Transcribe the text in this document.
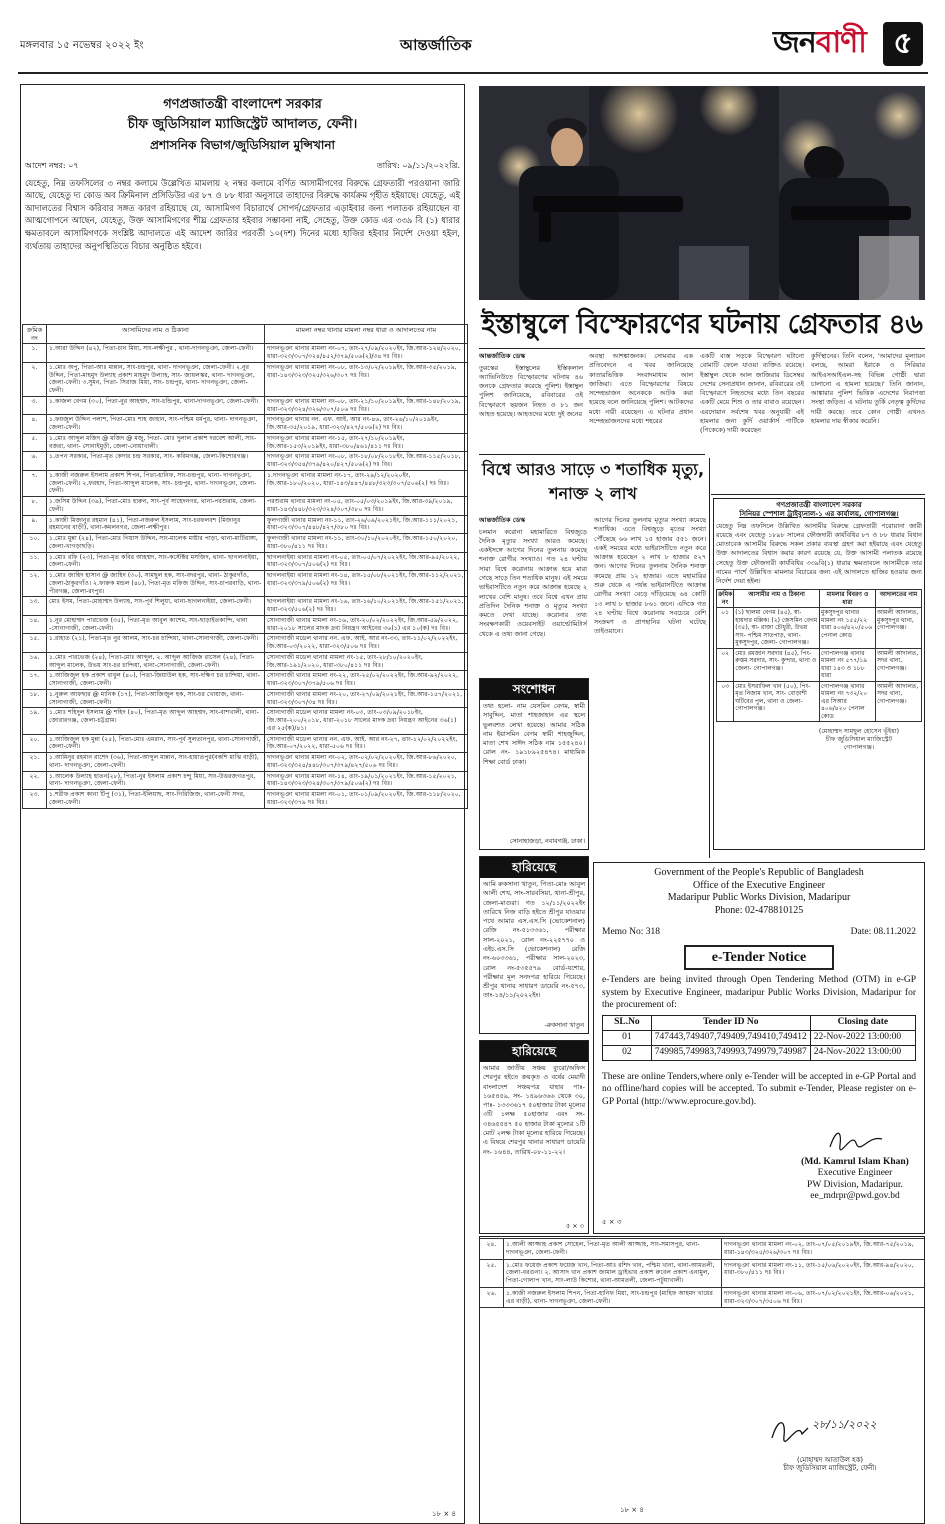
মঙ্গলবার ১৫ নভেম্বর ২০২২ ইং	আন্তর্জাতিক	জনবাণী ৫
গণপ্রজাতন্ত্রী বাংলাদেশ সরকার
চীফ জুডিসিয়াল ম্যাজিস্ট্রেট আদালত, ফেনী।
প্রশাসনিক বিভাগ/জুডিসিয়াল মুন্সিখানা
আদেশ নম্বর: ০৭	তারিখ: ০৯/১১/২০২২খ্রি.
যেহেতু, নিম্ন তফসিলের ৩ নম্বর কলামে উল্লেখিত মামলায় ২ নম্বর কলামে বর্ণিত আসামীগণের বিরুদ্ধে গ্রেফতারী পরওয়ানা জারি আছে, যেহেতু দ্য কোড অব ক্রিমিনাল প্রসিডিউর এর ৮৭ ও ৮৮ ধারা অনুসারে তাহাদের বিরুদ্ধে কার্যক্রম গৃহীত হইয়াছে। যেহেতু, এই আদালতের বিশ্বাস করিবার সঙ্গত কারণ রহিয়াছে যে, আসামিগণ বিচারার্থে সোপর্দ/গ্রেফতার এড়াইবার জন্য পলাতক রহিয়াছেন বা আত্মগোপনে আছেন, যেহেতু, উক্ত আসামিগণের শীঘ্র গ্রেফতার হইবার সম্ভাবনা নাই, সেহেতু, উক্ত কোড এর ৩৩৯ বি (১) ধারার ক্ষমতাবলে আসামিগণকে সংশ্লিষ্ট আদালতে এই আদেশ জারির পরবর্তী ১০(দশ) দিনের মধ্যে হাজির হইবার নির্দেশ দেওয়া হইল, ব্যর্থতায় তাহাদের অনুপস্থিতিতে বিচার অনুষ্ঠিত হইবে।
১৮ × ৪
ক্রমিক নং	আসামিদের নাম ও ঠিকানা	মামলা নম্বর থানার মামলা নম্বর ধারা ও আদালতের নাম
১.	১.আরা উদ্দিন (৪২), পিতা-চান মিয়া, সাং-লক্ষীপুর , থানা-দাগনভূঞা, জেলা-ফেনী।	দাগনভূঞা থানার মামলা নং-০৭, তাং-২৭/০৯/২০২০ইং, জি.আর-১২৪/২০২০, ধারা-৩২৩/৩০৭/৩২৪/৪৫২/৩৭৯/৫০৬(২)/৩৪ দঃ বিঃ।
২.	১.মোঃ অপু, পিতা-আঃ মান্নান, সাং-চন্দ্রপুর, থানা- দাগনভূঞা, জেলা-ফেনী। ২.নুর উদ্দিন, পিতা-মাহমুদ উল্যাহ প্রকাশ মাহমুদ উল্যাহ, সাং- জায়লস্কর, থানা- দাগনভূঞা, জেলা-ফেনী। ৩.সুমন, পিতা- সিরাজ মিয়া, সাং- চন্দ্রপুর, থানা- দাগনভূঞা, জেলা-ফেনী।	দাগনভূঞা থানার মামলা নং-০৮, তাং-১৩/০২/২০১৯ইং, জি.আর-৩৫/২০১৯, ধারা-১৪৩/৩২৩/৩২৫/৩২৬/৩০৭ দঃ বিঃ।
৩.	১.কাজল বেগম (৩০), পিতা-নুর আহম্মদ, সাং-চন্ডিপুর, থানা-দাগনভূঞা, জেলা-ফেনী।	দাগনভূঞা থানার মামলা নং-০৮, তাং-২১/১০/২০১৯ইং, জি.আর-১৪৮/২০১৯, ধারা-৩২৩/৩২৪/৩২৬/৩০৭/৫০৬ দঃ বিঃ।
৪.	১.ফয়জুল উদ্দিন পলাশ, পিতা-মোঃ শাহ জাহান, সাং-পশ্চিম ধর্মপুর, থানা- দাগনভূঞা, জেলা-ফেনী।	দাগনভূঞা থানার নন. এফ. আই. আর নং-৪৬, তাং-২৬/১০/২০১৯ইং, জি.আর-৩৫/২০১৯, ধারা-৩২৩/৪২৭/৫০৬(২) দঃ বিঃ।
৫.	১.মোঃ আব্দুল মজিদ @ মজিদ @ মজু, পিতা- মোঃ দুলাল প্রকাশ দরবেশ আলী, সাং- বজরা, থানা- সোনাইমুড়ী, জেলা-নোয়াখালী।	দাগনভূঞা থানার মামলা নং-১৫, তাং-২৭/১০/২০১৯ইং, জি.আর-১৫৩/২০১৯ইং, ধারা-৩৮০/৪৬১/৪১১ দঃ বিঃ।
৬.	১.তপন সরকার, পিতা-মৃত কেদার চন্দ্র সরকার, সাং- করিমগঞ্জ, জেলা-কিশোরগঞ্জ।	দাগনভূঞা থানার মামলা নং-০৮, তাং-১৮/০৮/২০১৮ইং, জি.আর-১১৫/২০১৮, ধারা-৩২৩/৩৫৪/৩৭৯/৪২০/৪২৭/৫০৬(২) দঃ বিঃ।
৭.	১.কাজী নজরুল ইসলাম প্রকাশ শিপন, পিতা-হানিফ, সাং-চন্দ্রপুর, থানা- দাগনভূঞা, জেলা-ফেনী। ২.ফরহাদ, পিতা-আব্দুল মালেক, সাং- চন্দ্রপুর, থানা- দাগনভূঞা, জেলা-ফেনী।	১.দাগনভূঞা থানার মামলা নং-১৭, তাং-২৯/১২/২০২০ইং, জি.আর-১৮০/২০২০, ধারা-১৪৩/৪৪৭/৪৪৮/৩২৩/৩০৭/৫০৬(২) দঃ বিঃ।
৮.	১.জসিম উদ্দিন (৩৯), পিতা-মোঃ হারুন, সাং-পূর্ব সাহেদনগর, থানা-পরশুরাম, জেলা-ফেনী।	পরশুরাম থানার মামলা নং-০৫, তাং-০৫/০৩/২০১৯ইং, জি.আর-৩৯/২০১৯, ধারা-১৪৩/৪৪৮/৩২৩/৩২৪/৩০৭/৩৮০ দঃ বিঃ।
৯.	১.কাজী মিজানুর রহমান (৪১), পিতা-নজরুল ইসলাম, সাং-চরফলবশ (মিজানুর রহমানের বাড়ী), থানা-কমলনগর, জেলা-লক্ষীপুর।	ফুলগাজী থানার মামলা নং-১১, তাং-২৬/০৯/২০২১ইং, জি.আর-১১১/২০২১, ধারা-৩২৩/৩০৭/৪৪৮/৪২৭/৩৮০ দঃ বিঃ।
১০.	১.মোঃ মুন্না (২৪), পিতা-মোঃ গিয়াস উদ্দিন, সাং-মালেক মাষ্টার পাড়া, থানা-মাটিরাঙ্গা, জেলা-খাগড়াছড়ি।	ফুলগাজী থানার মামলা নং-১১, তাং-৩০/১০/২০২০ইং, জি.আর-১৫০/২০২০, ধারা-৩৮০/৪১১ দঃ বিঃ।
১১.	১.মোঃ রফি (২৩), পিতা-মৃত কবির আহম্মদ, সাং-কস্টেক্টর মসজিদ, থানা- ছাগলনাইয়া, জেলা-ফেনী।	ছাগলনাইয়া থানার মামলা নং-০৫, তাং-০৫/০৭/২০২২ইং, জি.আর-৯৫/২০২২, ধারা-৩২৩/৩০৭/৫০৬(২) দঃ বিঃ।
১২.	১.মোঃ জাহিদ হাসান @ জাহিদ (৩০), সামছুল হক, সাং-বদরপুর, থানা- ঠাকুরগাঁও, জেলা-ঠাকুরগাঁও। ২.ফারুক মন্ডল (৪৮), পিতা-মৃত মফিজ উদ্দিন, সাং-চাপরবাড়ি, থানা-পীরগঞ্জ, জেলা-রংপুর।	ছাগলনাইয়া থানার মামলা নং-১৪, তাং-১৫/০৮/২০২১ইং, জি.আর-১১২/২০২১, ধারা-৩২৩/৩৭৯/৫০৬(২) দঃ বিঃ।
১৩.	মোঃ ইসম, পিতা-মোহাম্মদ উল্যাহ, সাং-পূর্ব শিলুয়া, থানা-ছাগলনাইয়া, জেলা-ফেনী।	ছাগলনাইয়া থানার মামলা নং-১৬, তাং-১৬/১০/২০২১ইং, জি.আর-১৫১/২০২১, ধারা-৩২৩/৫০৬(২) দঃ বিঃ।
১৪.	১.নুর মোহাম্মদ পারভেজ (৩৫), পিতা-মৃত আবুল কাশেম, সাং-ছাড়াইতকান্দি, থানা -সোনাগাজী, জেলা-ফেনী।	সোনাগাজী থানার মামলা নং-১৬, তাং-২০/০২/২০২২ইং, জি.আর-৫৯/২০২২, ধারা-২০১৮ সালের মাদক দ্রব্য নিয়ন্ত্রণ আইনের ৩৬(১) এর ১০(ক) দঃ বিঃ।
১৫.	১.রাহাত (২১), পিতা-মৃত নুর আলম, সাং-চর চান্দিয়া, থানা-সোনাগাজী, জেলা-ফেনী।	সোনাগাজী মডেল থানার নন. এফ. আই. আর নং-৩৩, তাং-১১/০২/২০২২ইং, জি.আর-০৩/২০২২, ধারা-৩২৩/৫০৬ দঃ বিঃ।
১৬.	১.মোঃ পারভেজ (২৪), পিতা-মোঃ আব্দুল, ২. আব্দুল আজিজ রাসেল (২৪), পিতা-আব্দুল মালেক, উভয় সাং-চর চান্দিয়া, থানা-সোনাগাজী, জেলা-ফেনী।	সোনাগাজী মডেল থানার মামলা নং-১৫, তাং-২৮/১০/২০২০ইং, জি.আর-১৯১/২০২০, ধারা-৩৮০/৪১১ দঃ বিঃ।
১৭.	১.আজিজুল হক প্রকাশ বাবুল (৪০), পিতা-জিয়াউল হক, সাং-দক্ষিণ চর চান্দিয়া, থানা-সোনাগাজী, জেলা-ফেনী।	সোনাগাজী থানার মামলা নং-২২, তাং-২৫/০২/২০২২ইং, জি.আর-৯২/২০২২, ধারা-৩২৩/৩০৭/৩৭৯/৫০৬ দঃ বিঃ।
১৮.	১.নুরুল আফছার @ মানিক (১৭), পিতা-আজিজুল হক, সাং-চর খোয়াজ, থানা-সোনাগাজী, জেলা-ফেনী।	সোনাগাজী থানার মামলা নং-২০, তাং-২৭/০৯/২০২১ইং, জি.আর-১৫৭/২০২১, ধারা-৩২৩/৩০৭/৩৪ দঃ বিঃ।
১৯.	১.মোঃ শহিদুল ইসলাম @ শহিদ (৪০), পিতা-মৃত আব্দুল আহম্মদ, সাং-বাশখালী, থানা-জোরারগঞ্জ, জেলা-চট্টগ্রাম।	সোনাগাজী মডেল থানার মামলা নং-০৩, তাং-০৩/০৯/২০১৮ইং, জি.আর-২০০/২০১৮, ধারা-২০১৮ সালের মাদক দ্রব্য নিয়ন্ত্রণ আইনের ৩৬(১) এর ২৫(ক)/৪১।
২০.	১.আজিজুল হক মুন্না (২৫), পিতা-মোঃ এমরান, সাং-পূর্ব সুলতানপুর, থানা-সোনাগাজী, জেলা-ফেনী।	সোনাগাজী মডেল থানার নন. এফ. আই. আর নং-২৭, তাং-১২/০২/২০২২ইং, জি.আর-০৭/২০২২, ধারা-৫০৬ দঃ বিঃ।
২১.	১.আমিনুর রহমান রাশেদ (৩৬), পিতা-আব্দুল মান্নান, সাং-হায়াতপুর(বকশি মাঝি বাড়ী), থানা- দাগনভূঞা, জেলা-ফেনী।	দাগনভূঞা থানার মামলা নং-০২, তাং-০২/০২/২০২০ইং, জি.আর-৮৬/২০২০, ধারা-৩২৩/৩২৪/৪৪৮/৩০৭/৩৭৯/৪২৭/৫০৬ দঃ বিঃ।
২২.	১.আলেক উল্যাহ হাতন(২৮), পিতা-নুর ইসলাম প্রকাশ চন্দু মিয়া, সাং-উত্তরজগতপুর, থানা- দাগনভূঞা, জেলা-ফেনী।	দাগনভূঞা থানার মামলা নং-১৪, তাং-১৯/০১/২০২১ইং, জি.আর-১৫/২০২১, ধারা-১৪৩/৩২৩/৩২৪/৩০৭/৩৭৯/৫০৬(২) দঃ বিঃ।
২৩.	১.শরীফ প্রকাশ কানা টিপু (৩১), পিতা-ইলিয়াছ, সাং-গিরিজিজ, থানা-ফেনী সদর, জেলা-ফেনী।	দাগনভূঞা থানার মামলা নং-০১, তাং-০১/০৯/২০২০ইং, জি.আর-১১৮/২০২০, ধারা-৩২৩/৩৭৯ দঃ বিঃ।
ইস্তাম্বুলে বিস্ফোরণের ঘটনায় গ্রেফতার ৪৬
আন্তর্জাতিক ডেস্ক
তুরস্কের ইস্তাম্বুলের ইস্তিকলাল অ্যাভিনিউতে বিস্ফোরণের ঘটনায় ৪৬ জনকে গ্রেফতার করেছে পুলিশ। ইস্তাম্বুল পুলিশ জানিয়েছে, রবিবারের ওই বিস্ফোরণে ছয়জন নিহত ও ৮১ জন আহত হয়েছে। আহতদের মধ্যে দুই জনের
অবস্থা আশঙ্কাজনক। সোমবার এক প্রতিবেদনে এ খবর জানিয়েছে কাতারভিত্তিক সংবাদমাধ্যম আল জাজিরা। এতে বিস্ফোরণের বিষয়ে সন্দেহভাজন অনেককে আটক করা হয়েছে বলে জানিয়েছে পুলিশ। আটকদের মধ্যে নারী রয়েছেন। এ ঘটনার প্রধান সন্দেহভাজনদের মধ্যে শহরের
একটি ব্যস্ত সড়কে বিস্ফোরণ ঘটানো বোমাটি ফেলে যাওয়া ব্যক্তিও রয়েছে। ইস্তাম্বুল থেকে আল জাজিরার ডিসেম্বর দেশের সেনাপ্রধান জানান, রবিবারের ওই বিস্ফোরণে নিহতদের মধ্যে তিন বছরের একটি মেয়ে শিশু ও তার বাবাও রয়েছেন। এরদোয়ান সর্বশেষ খবর অনুযায়ী এই হামলার জন্য কুর্দি ওয়ার্কার্স পার্টিকে (পিকেকে) দায়ী করেছেন
কুর্দিস্থানের। তিনি বলেন, 'আমাদের মূল্যায়ন বলছে, আমরা ইরাকে ও সিরিয়ার আইএসআইএল-সহ বিভিন্ন গোষ্ঠী দ্বারা চালানো এ হামলা হয়েছে।' তিনি জানান, আঙ্কারার পুলিশ ভিত্তিক এদেশের নিরাপত্তা সংস্থা জড়িত। এ ঘটনায় তুর্কি নেতৃত্ব কুর্দিদের দায়ী করছে। তবে কোন গোষ্ঠী এখনও হামলার দায় স্বীকার করেনি।
বিশ্বে আরও সাড়ে ৩ শতাধিক মৃত্যু, শনাক্ত ২ লাখ
আন্তর্জাতিক ডেস্ক
চলমান করোনা মহামারিতে বিশ্বজুড়ে দৈনিক মৃত্যুর সংখ্যা আরও কমেছে। একইসঙ্গে আগের দিনের তুলনায় কমেছে শনাক্ত রোগীর সংখ্যাও। গত ২৪ ঘণ্টায় সারা বিশ্বে করোনায় আক্রান্ত হয়ে মারা গেছে সাড়ে তিন শতাধিক মানুষ। এই সময়ে ভাইরাসটিতে নতুন করে আক্রান্ত হয়েছে ২ লাখের বেশি মানুষ। তবে বিশ্বে এখন প্রায় প্রতিদিন দৈনিক শনাক্ত ও মৃত্যুর সংখ্যা কমতে দেখা যাচ্ছে। করোনার তথ্য সংরক্ষণকারী ওয়েবসাইট ওয়ার্ল্ডোমিটার্স থেকে এ তথ্য জানা গেছে।
আগের দিনের তুলনায় মৃত্যুর সংখ্যা কমেছে শতাধিক। এতে বিশ্বজুড়ে মৃতের সংখ্যা পৌঁছেছে ৬৬ লাখ ১৫ হাজার ৫৫১ জনে। একই সময়ের মধ্যে ভাইরাসটিতে নতুন করে আক্রান্ত হয়েছেন ২ লাখ ৮ হাজার ৫২৭ জন। আগের দিনের তুলনায় দৈনিক শনাক্ত কমেছে প্রায় ১২ হাজার। এতে মহামারির শুরু থেকে এ পর্যন্ত ভাইরাসটিতে আক্রান্ত রোগীর সংখ্যা বেড়ে দাঁড়িয়েছে ৬৪ কোটি ১৩ লাখ ৮ হাজার ৮৬১ জনে। এদিকে গত ২৪ ঘণ্টায় বিশ্বে করোনায় সবচেয়ে বেশি সংক্রমণ ও প্রাণহানির ঘটনা ঘটেছে তাইওয়ানে।
সংশোধন
তথ্য হলো- নাম যেসমিন বেগম, স্বামী সাবুদ্দিন, মাতা শাহজাহান এর স্থলে ভুলবশত লেখা হয়েছে। আমার সঠিক নাম ইয়াসমিন বেগম স্বামী শাহজুদ্দিন, মাতা শেখ সাঈদ সঠিক নাম ১৫৫২৪০। রোল নং- ১৯১৮৯২৫৪৭৪। মাধ্যমিক শিক্ষা বোর্ড ঢাকা।
সোনাহাজড়া, নবাবগঞ্জ, ঢাকা।
হারিয়েছে
আমি রুকসানা খাতুন, পিতা-মোঃ আবুল আলী শেখ, সাং-সারবসিয়া, থানা-শ্রীপুর, জেলা-মাগুরা। গত ১২/১১/২০২২ইং তারিখে নিজ বাড়ি হইতে শ্রীপুর যাওয়ার পথে আমার এস.এস.সি (ভোকেশনাল) রেজি নং-৫১৩৩৬১, পরীক্ষার সাল-২০২১, রোল নং-২২৫৭৭০ ও এইচ.এস.সি (ভোকেশনাল) রেজি নং-৬০৩৩৬১, পরীক্ষার সাল-২০২৩, রোল নং-৫৩৫৫৭৯ বোর্ড-যশোর, পরীক্ষার মূল সনদপত্র হারিয়ে গিয়েছে। শ্রীপুর থানার সাধারণ ডায়েরি নং-৫৭৩, তাং-১৪/১১/২০২২ইং।
-রুকসানা খাতুন
হারিয়েছে
আমার জাতীয় সঞ্চয় ব্যুরো/অফিস শেরপুর হইতে ক্রয়কৃত ও বর্ষের মেয়াদী বাংলাদেশ সঞ্চয়পত্র যাহার পাঃ- ১৬৫৪৫৯, সং- ১৪৯৬৩৬৬ থেকে ৩০, পাঃ- ১৩৩৩৬১৭ ৫০হাজার টাকা মূল্যের ৩টি ১লক্ষ ৫০হাজার এবং সং- ৩৪৬৫৫৪৭ ৫০ হাজার টাকা মূল্যের ১টি মোট ২লক্ষ টাকা মূল্যের হারিয়ে গিয়েছে। এ বিষয়ে শেরপুর থানার সাধারণ ডায়েরি নং- ১৬৪৪, তারিখ-০৮-১১-২২।
৫ × ৩
গণপ্রজাতন্ত্রী বাংলাদেশ সরকার
সিনিয়র স্পেশাল ট্রাইব্যুনাল-১ এর কার্যালয়, গোপালগঞ্জ।
যেহেতু নিম্ন তফসিলে উল্লিখিত আসামীর বিরুদ্ধে গ্রেফতারী পরোয়ানা জারী রয়েছে এবং যেহেতু ১৮৯৮ সালের ফৌজদারী কার্যবিধির ৮৭ ও ৮৮ ধারার বিধান মোতাবেক আসামীর বিরুদ্ধে সকল প্রকার ব্যবস্থা গ্রহণ করা হইয়াছে এবং যেহেতু উক্ত আদালতের বিশ্বাস করার কারণ রয়েছে যে, উক্ত আসামী পলাতক রয়েছে সেহেতু উক্ত ফৌজদারী কার্যবিধির ৩৩৯বি(১) ধারার ক্ষমতাবলে আসামীকে তার নামের পার্শে উল্লিখিত মামলার বিচারের জন্য এই আদালতে হাজির হওয়ার জন্য নির্দেশ দেয়া হইল।
ক্রমিক নং	আসামীর নাম ও ঠিকানা	মামলার বিবরণ ও ধারা	আদালতের নাম
০১	(১) ছালমা বেগম (৪৫), স্বা- হায়দার মল্লিক। (২) জেসমিন বেগম (৩৫), স্বা- রাজা চৌধুরী, উভয় সাং- পশ্চিম সাতপাড়, থানা- মুকসুদপুর, জেলা- গোপালগঞ্জ।	মুকসুদপুর থানার মামলা নং ১৫৫/২২ ধারা ৪০৬/৪২০/৫০৬ পেনাল কোড	আমলী আদালত, মুকসুদপুর থানা, গোপালগঞ্জ।
০২	মোঃ রমজান সরদার (৪৫), পিং- রুস্তম সরদার, সাং- কুন্দার, থানা ও জেলা- গোপালগঞ্জ।	গোপালগঞ্জ থানার মামলা নং ৫৭৭/১৯ ধারা ১৪৩ ও ১৮৮ ধারা	আমলী আদালত, সদর থানা, গোপালগঞ্জ।
০৩	মোঃ ইসরাফিল খান (৫০), পিং- মৃত নিজাম খান, সাং- বোড়াশী ঘটিবের পুল, থানা ও জেলা- গোপালগঞ্জ।	গোপালগঞ্জ থানার মামলা নং ৭৩২/২০ এর সিআর ৪০৬/৪২০ পেনাল কোড	আমলী আদালত, সদর থানা, গোপালগঞ্জ।
(মোহাম্মদ সামছুল হোসেন ভূঁইয়া)
চীফ জুডিসিয়াল ম্যাজিস্ট্রেট
গোপালগঞ্জ।
Government of the People's Republic of Bangladesh
Office of the Executive Engineer
Madaripur Public Works Division, Madaripur
Phone: 02-478810125
Memo No: 318	Date: 08.11.2022
e-Tender Notice
e-Tenders are being invited through Open Tendering Method (OTM) in e-GP system by Executive Engineer, madaripur Public Works Division, Madaripur for the procurement of:
SL.No	Tender ID No	Closing date
01	747443,749407,749409,749410,749412	22-Nov-2022 13:00:00
02	749985,749983,749993,749979,749987	24-Nov-2022 13:00:00
These are online Tenders,where only e-Tender will be accepted in e-GP Portal and no offline/hard copies will be accepted. To submit e-Tender, Please register on e-GP Portal (http://www.eprocure.gov.bd).
(Md. Kamrul Islam Khan)
Executive Engineer
PW Division, Madaripur.
ee_mdrpr@pwd.gov.bd
৫ × ৩
২৪.	১.আলী আজ্জাহ প্রকাশ সোহেল, পিতা-মৃত আলী আজ্জাহ, সাং-সমাসপুর, থানা-দাগনভূঞা, জেলা-ফেনী।	দাগনভূঞা থানার মামলা নং-০২, তাং-০৭/০৫/২০১৯ইং, জি.আর-৭৫/২০১৯, ধারা-১৪৩/৩২৫/৩২৬/৩০৭ দঃ বিঃ।
২৫.	১.মোঃ ফয়েজ প্রকাশ ফয়েজ খান, পিতা-আঃ রশিদ খান, পশ্চিম খানা, থানা-আমতলী, জেলা-বরগুনা। ২. আসাদ খান প্রকাশ জামাল ড্রাইভার প্রকাশ রুবেল প্রকাশ এনামুল, পিতা-গোলাপ খান, সাং-লাউ কিশোর, থানা-আমতলী, জেলা-পটুয়াখালী।	দাগনভূঞা থানার মামলা নং-১১, তাং-১৫/০৬/২০২০ইং, জি.আর-৯৪/২০২০, ধারা-৩৮০/৪১১ দঃ বিঃ।
২৬.	১.কাজী নজরুল ইসলাম শিপন, পিতা-হানিফ মিয়া, সাং-চন্দ্রপুর (মাহিফ আহমদ খায়ের এর বাড়ী), থানা- দাগনভূঞা, জেলা-ফেনী।	দাগনভূঞা থানার মামলা নং-০৬, তাং-০৭/০২/২০২১ইং, জি.আর-০৬/২০২১, ধারা-৩২৩/৩০৭/৩৫০৬ দঃ বিঃ।
২৮/১১/২০২২
(মোহাম্মদ আতাউল হক)
চীফ জুডিসিয়াল ম্যাজিস্ট্রেট, ফেনী।
১৮ × ৪
